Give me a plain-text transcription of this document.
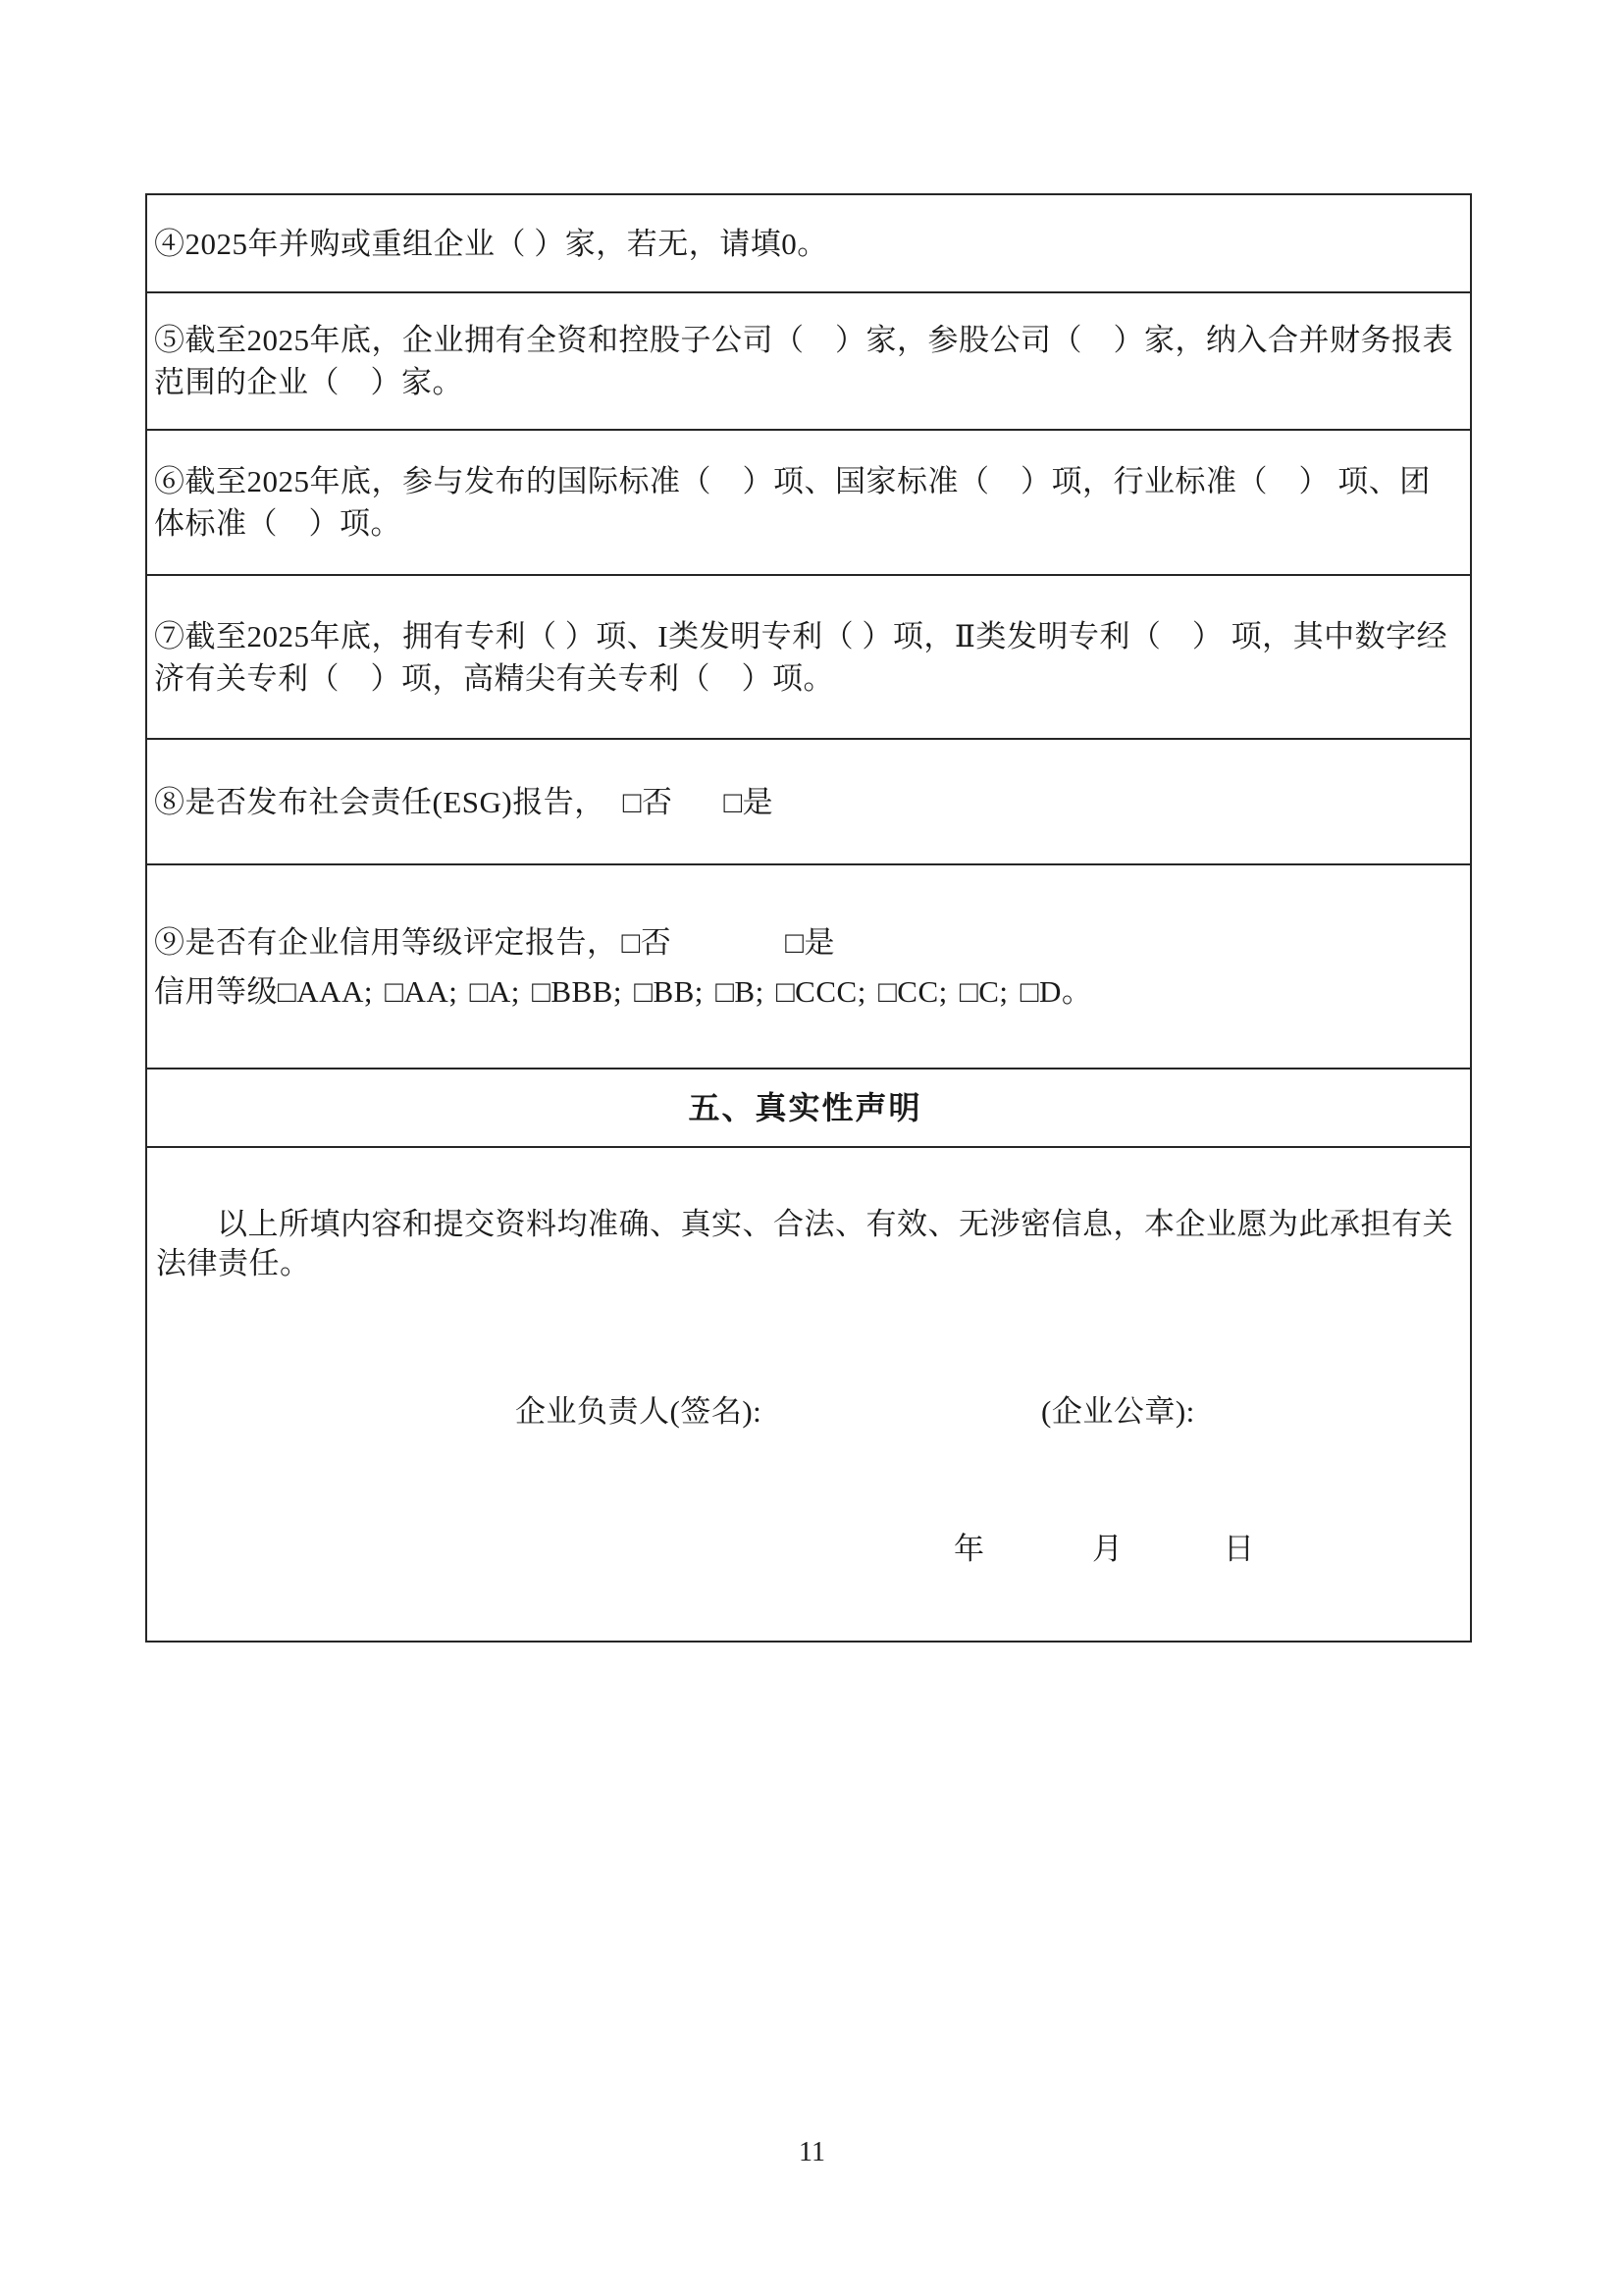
④2025年并购或重组企业（ ）家，若无，请填0。
⑤截至2025年底，企业拥有全资和控股子公司（　）家，参股公司（　）家，纳入合并财务报表范围的企业（　）家。
⑥截至2025年底，参与发布的国际标准（　）项、国家标准（　）项，行业标准（　） 项、团体标准（　）项。
⑦截至2025年底，拥有专利（ ）项、I类发明专利（ ）项，Ⅱ类发明专利（　） 项，其中数字经济有关专利（　）项，高精尖有关专利（　）项。
⑧是否发布社会责任(ESG)报告， □否 □是
⑨是否有企业信用等级评定报告， □否	□是
信用等级□AAA; □AA; □A; □BBB; □BB; □B; □CCC; □CC; □C; □D。
五、真实性声明

以上所填内容和提交资料均准确、真实、合法、有效、无涉密信息，本企业愿为此承担有关法律责任。

企业负责人(签名):	(企业公章):
年	月	日
11
